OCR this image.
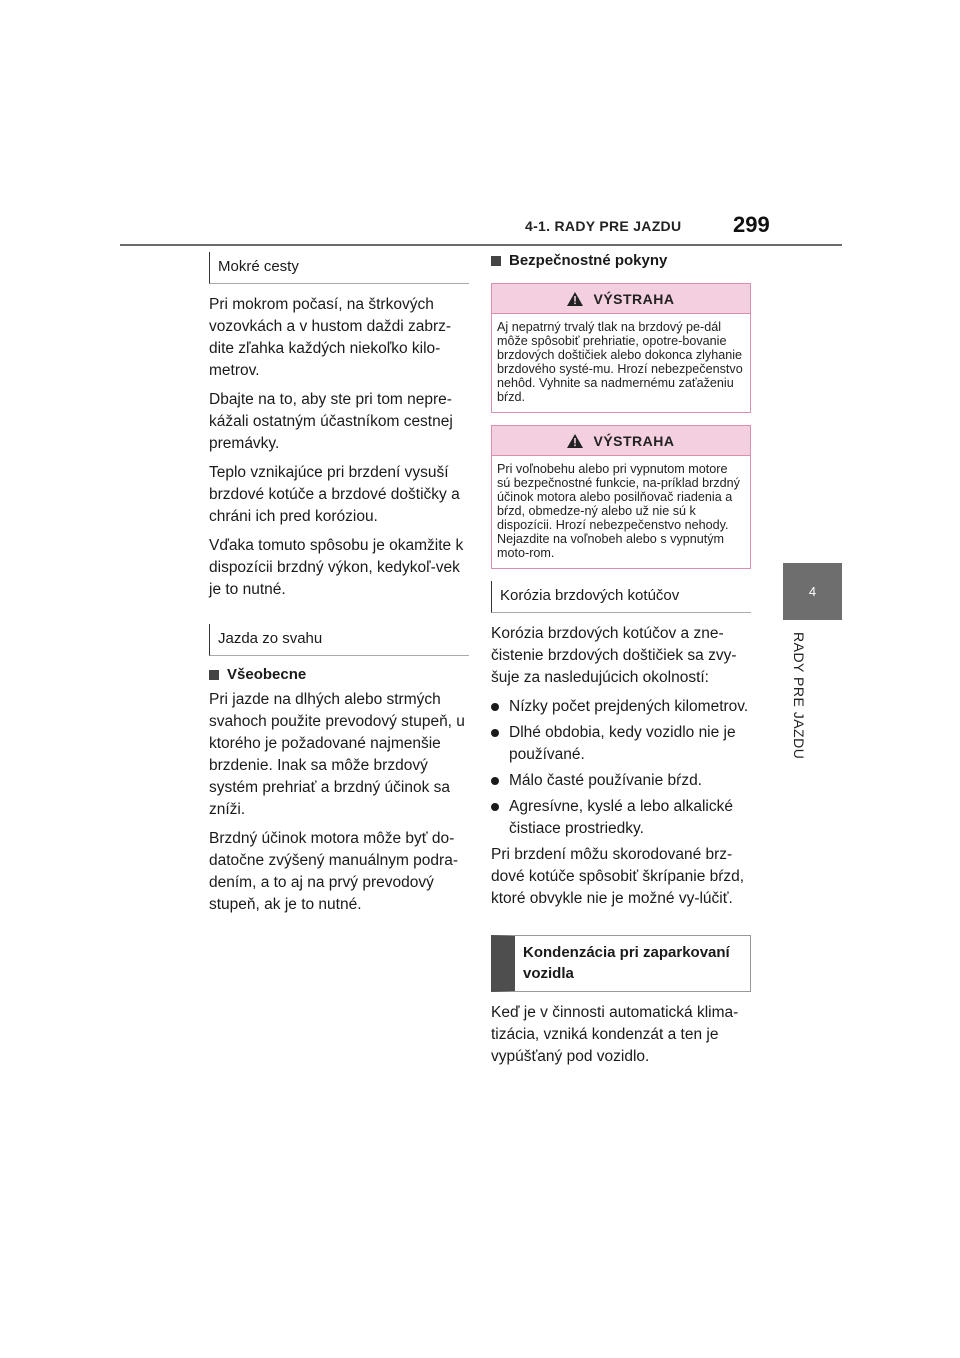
4-1. RADY PRE JAZDU 299
4
RADY PRE JAZDU
Mokré cesty

Pri mokrom počasí, na štrkových vozovkách a v hustom daždi zabrz-dite zľahka každých niekoľko kilo-metrov.

Dbajte na to, aby ste pri tom nepre-kážali ostatným účastníkom cestnej premávky.

Teplo vznikajúce pri brzdení vysuší brzdové kotúče a brzdové doštičky a chráni ich pred koróziou.

Vďaka tomuto spôsobu je okamžite k dispozícii brzdný výkon, kedykoľ-vek je to nutné.

Jazda zo svahu
Všeobecne

Pri jazde na dlhých alebo strmých svahoch použite prevodový stupeň, u ktorého je požadované najmenšie brzdenie. Inak sa môže brzdový systém prehriať a brzdný účinok sa zníži.

Brzdný účinok motora môže byť do-datočne zvýšený manuálnym podra-dením, a to aj na prvý prevodový stupeň, ak je to nutné.

Bezpečnostné pokyny
VÝSTRAHA
Aj nepatrný trvalý tlak na brzdový pe-dál môže spôsobiť prehriatie, opotre-bovanie brzdových doštičiek alebo dokonca zlyhanie brzdového systé-mu. Hrozí nebezpečenstvo nehôd. Vyhnite sa nadmernému zaťaženiu bŕzd.
VÝSTRAHA
Pri voľnobehu alebo pri vypnutom motore sú bezpečnostné funkcie, na-príklad brzdný účinok motora alebo posilňovač riadenia a bŕzd, obmedze-ný alebo už nie sú k dispozícii. Hrozí nebezpečenstvo nehody. Nejazdite na voľnobeh alebo s vypnutým moto-rom.
Korózia brzdových kotúčov

Korózia brzdových kotúčov a zne-čistenie brzdových doštičiek sa zvy-šuje za nasledujúcich okolností:

Nízky počet prejdených kilometrov.
Dlhé obdobia, kedy vozidlo nie je používané.
Málo časté používanie bŕzd.
Agresívne, kyslé a lebo alkalické čistiace prostriedky.

Pri brzdení môžu skorodované brz-dové kotúče spôsobiť škrípanie bŕzd, ktoré obvykle nie je možné vy-lúčiť.

Kondenzácia pri zaparkovaní vozidla

Keď je v činnosti automatická klima-tizácia, vzniká kondenzát a ten je vypúšťaný pod vozidlo.
